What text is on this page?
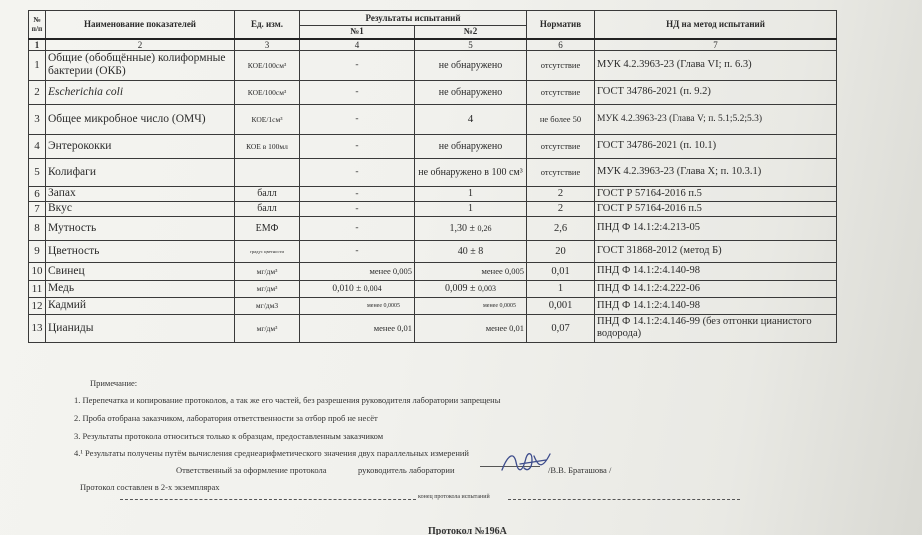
№ п/п	Наименование показателей	Ед. изм.	Результаты испытаний		Норматив	НД на метод испытаний
			№1	№2		
1	2	3	4	5	6	7
1	Общие (обобщённые) колиформные бактерии (ОКБ)	КОЕ/100см³	-	не обнаружено	отсутствие	МУК 4.2.3963-23 (Глава VI; п. 6.3)
2	Escherichia coli	КОЕ/100см³	-	не обнаружено	отсутствие	ГОСТ 34786-2021 (п. 9.2)
3	Общее микробное число (ОМЧ)	КОЕ/1см³	-	4	не более 50	МУК 4.2.3963-23 (Глава V; п. 5.1;5.2;5.3)
4	Энтерококки	КОЕ в 100мл	-	не обнаружено	отсутствие	ГОСТ 34786-2021 (п. 10.1)
5	Колифаги		-	не обнаружено в 100 см³	отсутствие	МУК 4.2.3963-23 (Глава X; п. 10.3.1)
6	Запах	балл	-	1	2	ГОСТ Р 57164-2016 п.5
7	Вкус	балл	-	1	2	ГОСТ Р 57164-2016 п.5
8	Мутность	ЕМФ	-	1,30 ± 0,26	2,6	ПНД Ф 14.1:2:4.213-05
9	Цветность	градус цветности	-	40 ± 8	20	ГОСТ 31868-2012 (метод Б)
10	Свинец	мг/дм³	менее 0,005	менее 0,005	0,01	ПНД Ф 14.1:2:4.140-98
11	Медь	мг/дм³	0,010 ± 0,004	0,009 ± 0,003	1	ПНД Ф 14.1:2:4.222-06
12	Кадмий	мг/дм3	менее 0,0005	менее 0,0005	0,001	ПНД Ф 14.1:2:4.140-98
13	Цианиды	мг/дм³	менее 0,01	менее 0,01	0,07	ПНД Ф 14.1:2:4.146-99 (без отгонки цианистого водорода)
Примечание:
1. Перепечатка и копирование протоколов, а так же его частей, без разрешения руководителя лаборатории запрещены
2. Проба отобрана заказчиком, лаборатория ответственности за отбор проб не несёт
3. Результаты протокола относиться только к образцам, предоставленным заказчиком
4.¹ Результаты получены путём вычисления среднеарифметического значения двух параллельных измерений
Ответственный за оформление протокола	руководитель лаборатории	/В.В. Браташова /
Протокол составлен в 2-х экземплярах
конец протокола испытаний
Протокол №196А
